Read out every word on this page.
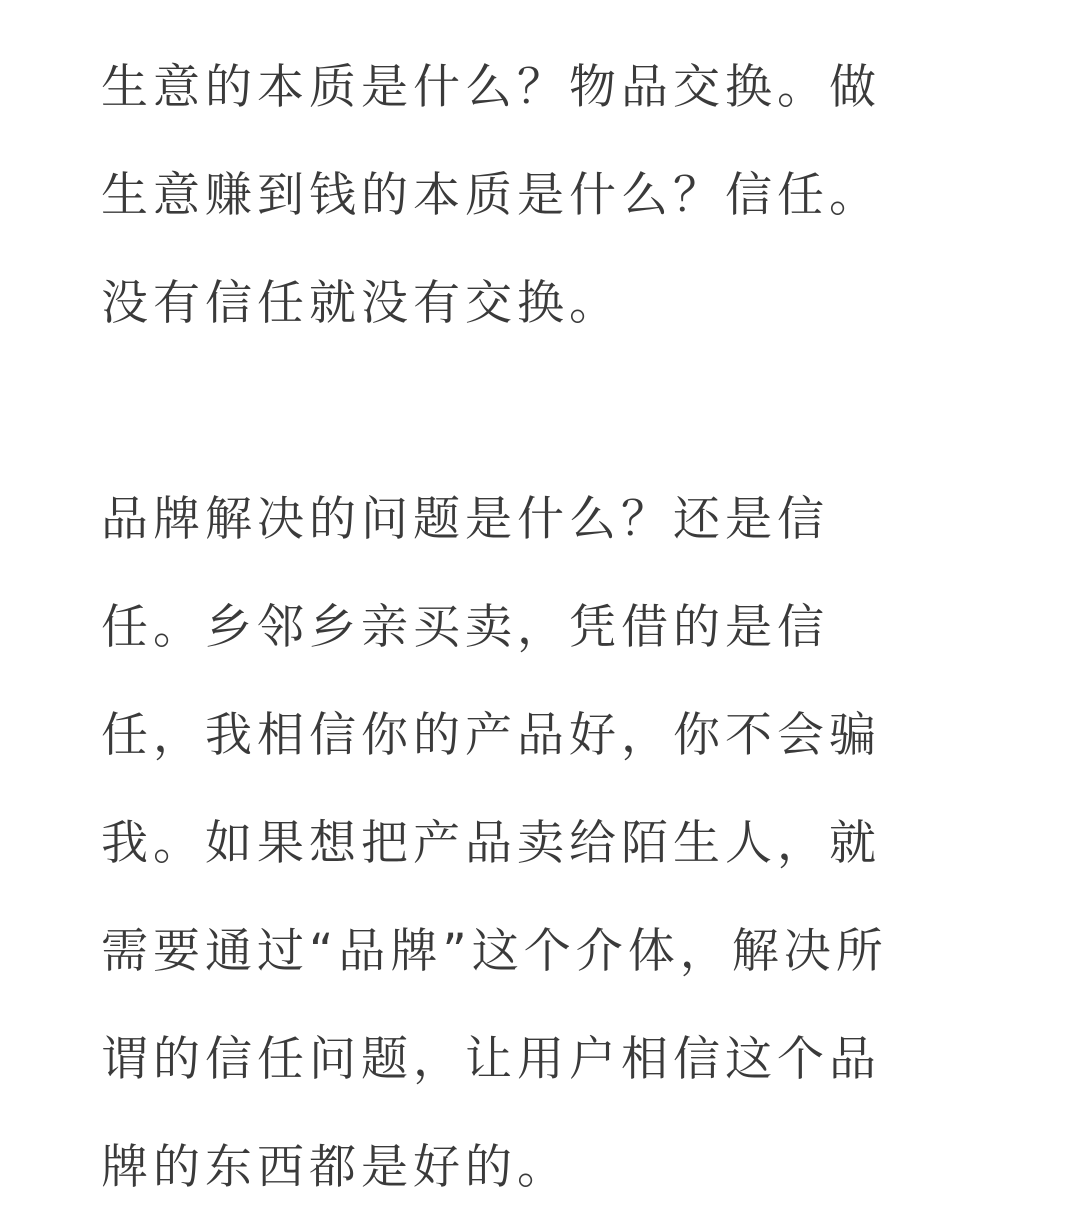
生意的本质是什么？物品交换。做
生意赚到钱的本质是什么？信任。
没有信任就没有交换。

品牌解决的问题是什么？还是信
任。乡邻乡亲买卖，凭借的是信
任，我相信你的产品好，你不会骗
我。如果想把产品卖给陌生人，就
需要通过“品牌”这个介体，解决所
谓的信任问题，让用户相信这个品
牌的东西都是好的。
